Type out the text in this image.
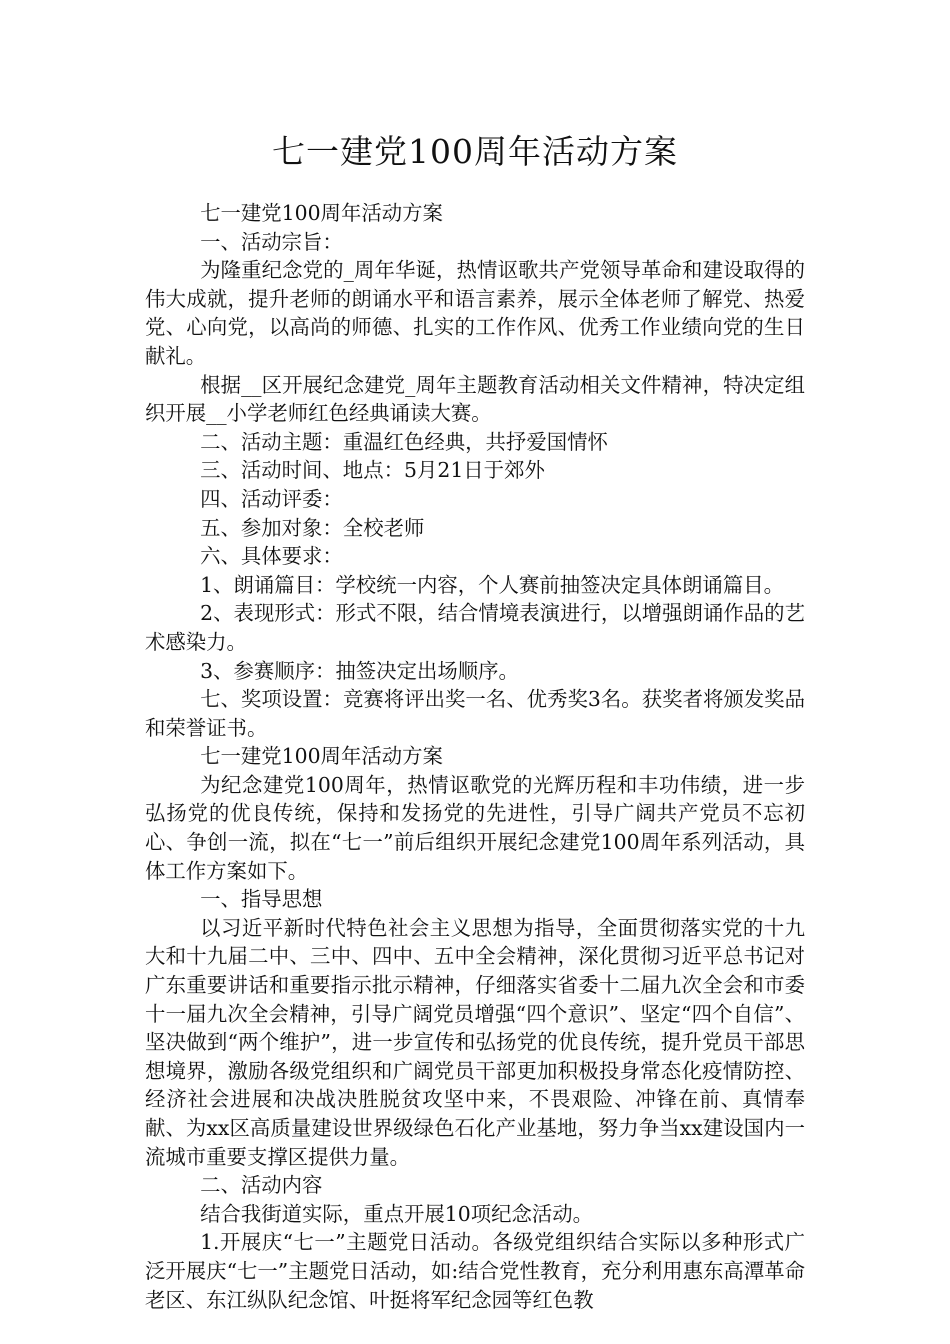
七一建党100周年活动方案

七一建党100周年活动方案

一、活动宗旨：

为隆重纪念党的_周年华诞，热情讴歌共产党领导革命和建设取得的伟大成就，提升老师的朗诵水平和语言素养，展示全体老师了解党、热爱党、心向党，以高尚的师德、扎实的工作作风、优秀工作业绩向党的生日献礼。

根据__区开展纪念建党_周年主题教育活动相关文件精神，特决定组织开展__小学老师红色经典诵读大赛。

二、活动主题：重温红色经典，共抒爱国情怀

三、活动时间、地点：5月21日于郊外

四、活动评委：

五、参加对象：全校老师

六、具体要求：

1、朗诵篇目：学校统一内容，个人赛前抽签决定具体朗诵篇目。

2、表现形式：形式不限，结合情境表演进行，以增强朗诵作品的艺术感染力。

3、参赛顺序：抽签决定出场顺序。

七、奖项设置：竞赛将评出奖一名、优秀奖3名。获奖者将颁发奖品和荣誉证书。

七一建党100周年活动方案

为纪念建党100周年，热情讴歌党的光辉历程和丰功伟绩，进一步弘扬党的优良传统，保持和发扬党的先进性，引导广阔共产党员不忘初心、争创一流，拟在“七一”前后组织开展纪念建党100周年系列活动，具体工作方案如下。

一、指导思想

以习近平新时代特色社会主义思想为指导，全面贯彻落实党的十九大和十九届二中、三中、四中、五中全会精神，深化贯彻习近平总书记对广东重要讲话和重要指示批示精神，仔细落实省委十二届九次全会和市委十一届九次全会精神，引导广阔党员增强“四个意识”、坚定“四个自信”、坚决做到“两个维护”，进一步宣传和弘扬党的优良传统，提升党员干部思想境界，激励各级党组织和广阔党员干部更加积极投身常态化疫情防控、经济社会进展和决战决胜脱贫攻坚中来，不畏艰险、冲锋在前、真情奉献、为xx区高质量建设世界级绿色石化产业基地，努力争当xx建设国内一流城市重要支撑区提供力量。

二、活动内容

结合我街道实际，重点开展10项纪念活动。

1.开展庆“七一”主题党日活动。各级党组织结合实际以多种形式广泛开展庆“七一”主题党日活动，如:结合党性教育，充分利用惠东高潭革命老区、东江纵队纪念馆、叶挺将军纪念园等红色教
